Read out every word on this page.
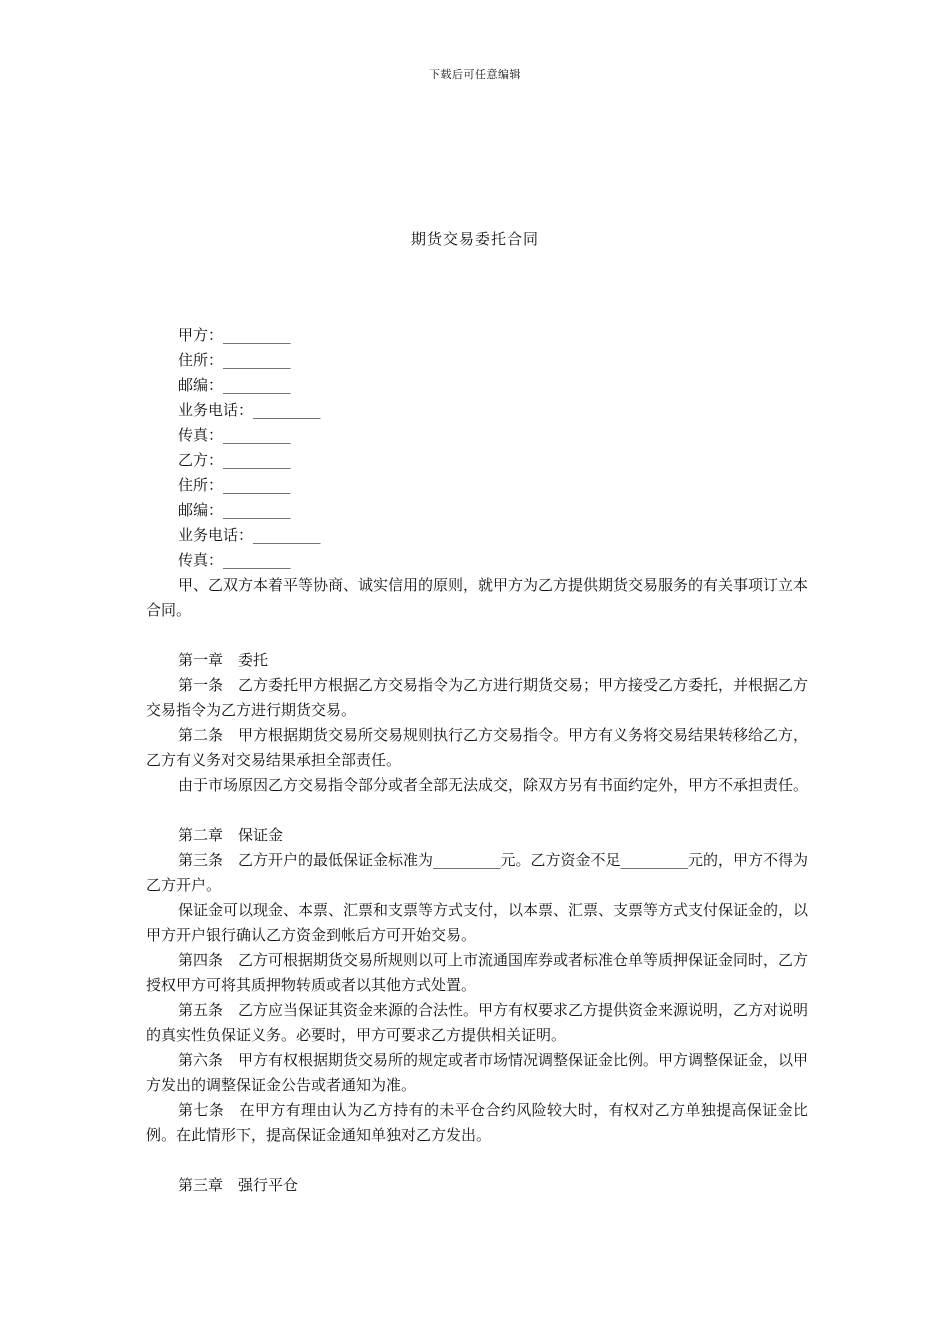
下载后可任意编辑
期货交易委托合同
甲方：_________
住所：_________
邮编：_________
业务电话：_________
传真：_________
乙方：_________
住所：_________
邮编：_________
业务电话：_________
传真：_________
甲、乙双方本着平等协商、诚实信用的原则，就甲方为乙方提供期货交易服务的有关事项订立本合同。
第一章　委托
第一条　乙方委托甲方根据乙方交易指令为乙方进行期货交易；甲方接受乙方委托，并根据乙方交易指令为乙方进行期货交易。
第二条　甲方根据期货交易所交易规则执行乙方交易指令。甲方有义务将交易结果转移给乙方，乙方有义务对交易结果承担全部责任。
由于市场原因乙方交易指令部分或者全部无法成交，除双方另有书面约定外，甲方不承担责任。
第二章　保证金
第三条　乙方开户的最低保证金标准为_________元。乙方资金不足_________元的，甲方不得为乙方开户。
保证金可以现金、本票、汇票和支票等方式支付，以本票、汇票、支票等方式支付保证金的，以甲方开户银行确认乙方资金到帐后方可开始交易。
第四条　乙方可根据期货交易所规则以可上市流通国库券或者标准仓单等质押保证金同时，乙方授权甲方可将其质押物转质或者以其他方式处置。
第五条　乙方应当保证其资金来源的合法性。甲方有权要求乙方提供资金来源说明，乙方对说明的真实性负保证义务。必要时，甲方可要求乙方提供相关证明。
第六条　甲方有权根据期货交易所的规定或者市场情况调整保证金比例。甲方调整保证金，以甲方发出的调整保证金公告或者通知为准。
第七条　在甲方有理由认为乙方持有的未平仓合约风险较大时，有权对乙方单独提高保证金比例。在此情形下，提高保证金通知单独对乙方发出。
第三章　强行平仓
